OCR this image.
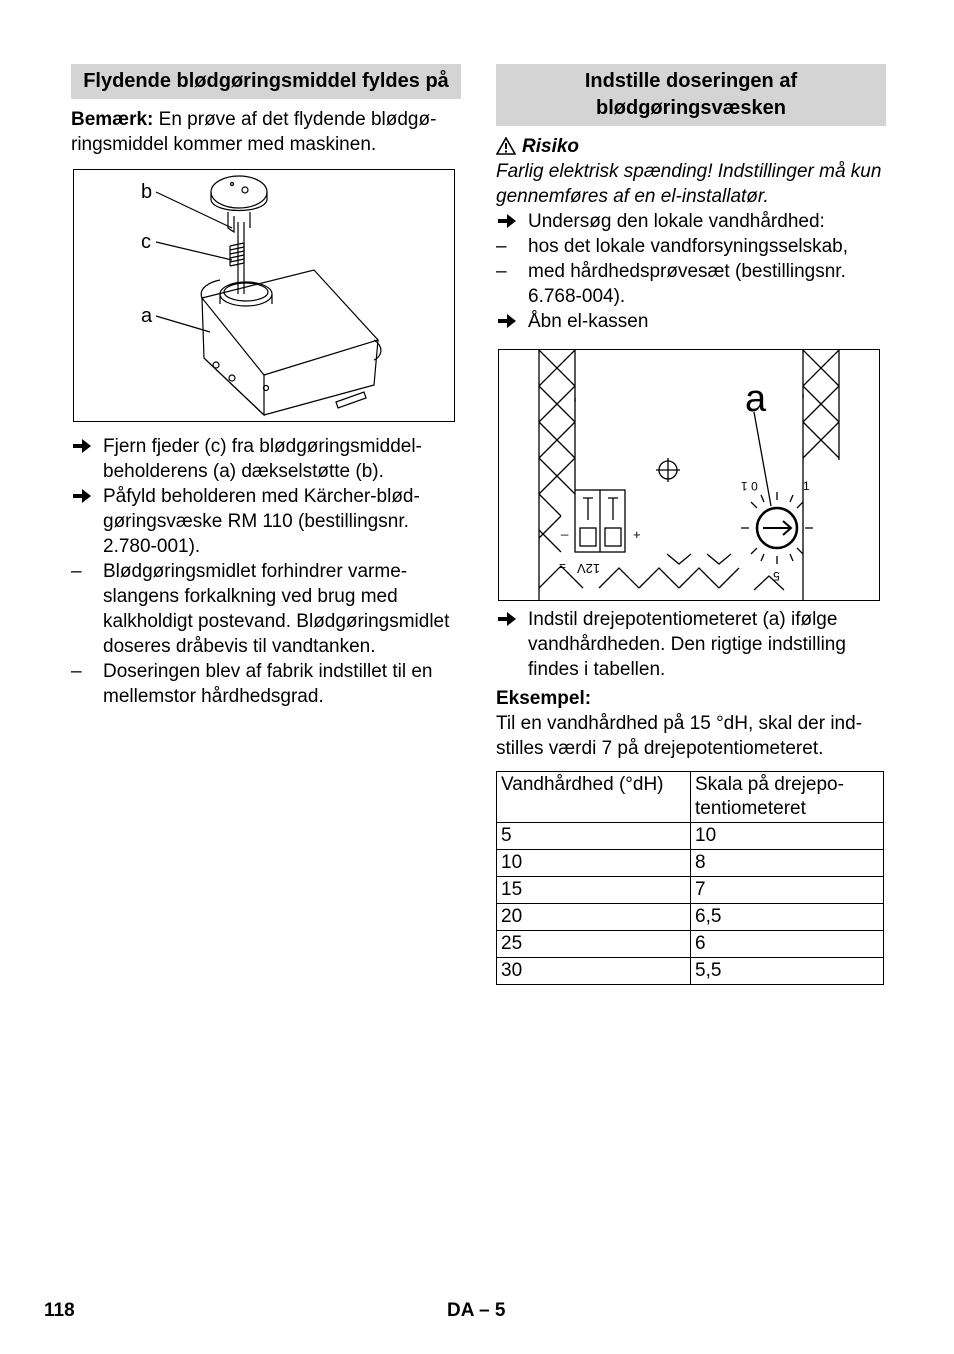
Flydende blødgøringsmiddel fyldes på

Bemærk: En prøve af det flydende blødgøringsmiddel kommer med maskinen.

b
c
a
Fjern fjeder (c) fra blødgøringsmiddelbeholderens (a) dækselstøtte (b).
Påfyld beholderen med Kärcher-blødgøringsvæske RM 110 (bestillingsnr. 2.780-001).
–	Blødgøringsmidlet forhindrer varmeslangens forkalkning ved brug med kalkholdigt postevand. Blødgøringsmidlet doseres dråbevis til vandtanken.
–	Doseringen blev af fabrik indstillet til en mellemstor hårdhedsgrad.
Indstille doseringen af blødgøringsvæsken

Risiko

Farlig elektrisk spænding! Indstillinger må kun gennemføres af en el-installatør.

Undersøg den lokale vandhårdhed:
–	hos det lokale vandforsyningsselskab,
–	med hårdhedsprøvesæt (bestillingsnr. 6.768-004).
Åbn el-kassen
a
0 1	1
5
_	+
12V
=
Indstil drejepotentiometeret (a) ifølge vandhårdheden. Den rigtige indstilling findes i tabellen.

Eksempel:

Til en vandhårdhed på 15 °dH, skal der indstilles værdi 7 på drejepotentiometeret.

Vandhårdhed (°dH)	Skala på drejepotentiometeret
5	10
10	8
15	7
20	6,5
25	6
30	5,5
118	DA – 5
